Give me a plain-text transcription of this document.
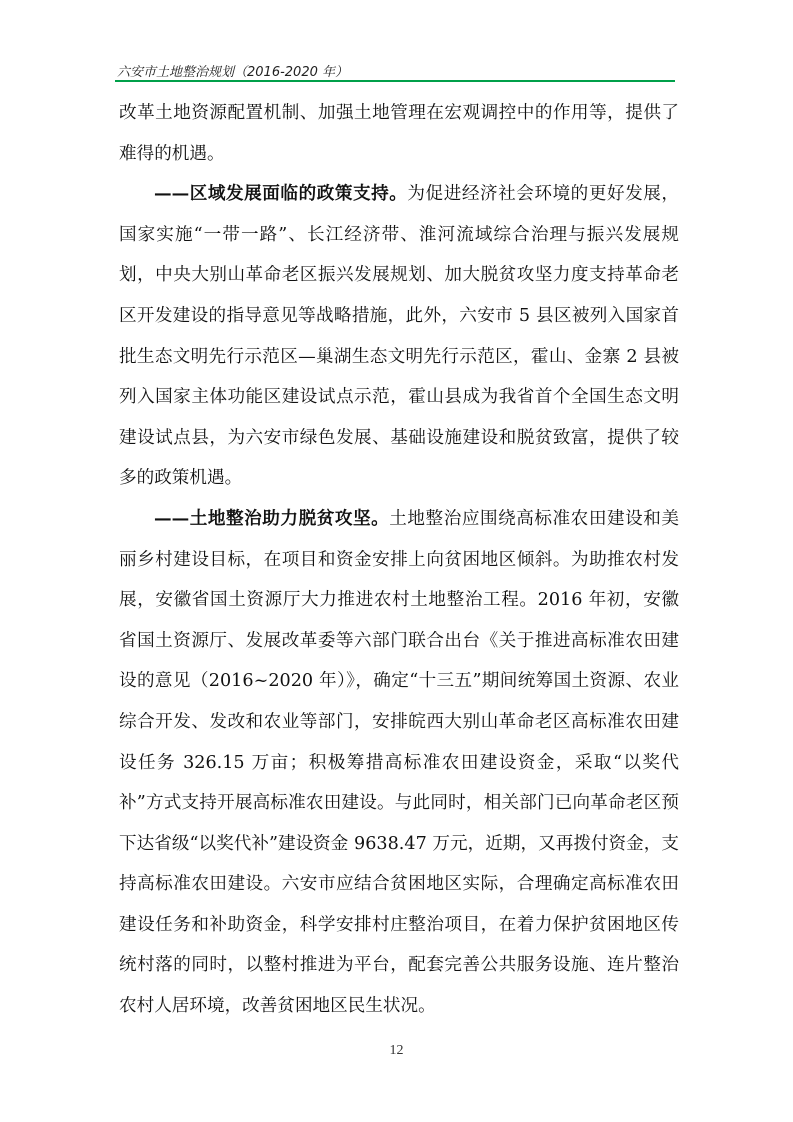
六安市土地整治规划（2016-2020 年）

改革土地资源配置机制、加强土地管理在宏观调控中的作用等，提供了难得的机遇。

——区域发展面临的政策支持。为促进经济社会环境的更好发展，国家实施“一带一路”、长江经济带、淮河流域综合治理与振兴发展规划，中央大别山革命老区振兴发展规划、加大脱贫攻坚力度支持革命老区开发建设的指导意见等战略措施，此外，六安市 5 县区被列入国家首批生态文明先行示范区—巢湖生态文明先行示范区，霍山、金寨 2 县被列入国家主体功能区建设试点示范，霍山县成为我省首个全国生态文明建设试点县，为六安市绿色发展、基础设施建设和脱贫致富，提供了较多的政策机遇。

——土地整治助力脱贫攻坚。土地整治应围绕高标准农田建设和美丽乡村建设目标，在项目和资金安排上向贫困地区倾斜。为助推农村发展，安徽省国土资源厅大力推进农村土地整治工程。2016 年初，安徽省国土资源厅、发展改革委等六部门联合出台《关于推进高标准农田建设的意见（2016~2020 年）》，确定“十三五”期间统筹国土资源、农业综合开发、发改和农业等部门，安排皖西大别山革命老区高标准农田建设任务 326.15 万亩；积极筹措高标准农田建设资金，采取“以奖代补”方式支持开展高标准农田建设。与此同时，相关部门已向革命老区预下达省级“以奖代补”建设资金 9638.47 万元，近期，又再拨付资金，支持高标准农田建设。六安市应结合贫困地区实际，合理确定高标准农田建设任务和补助资金，科学安排村庄整治项目，在着力保护贫困地区传统村落的同时，以整村推进为平台，配套完善公共服务设施、连片整治农村人居环境，改善贫困地区民生状况。

12
